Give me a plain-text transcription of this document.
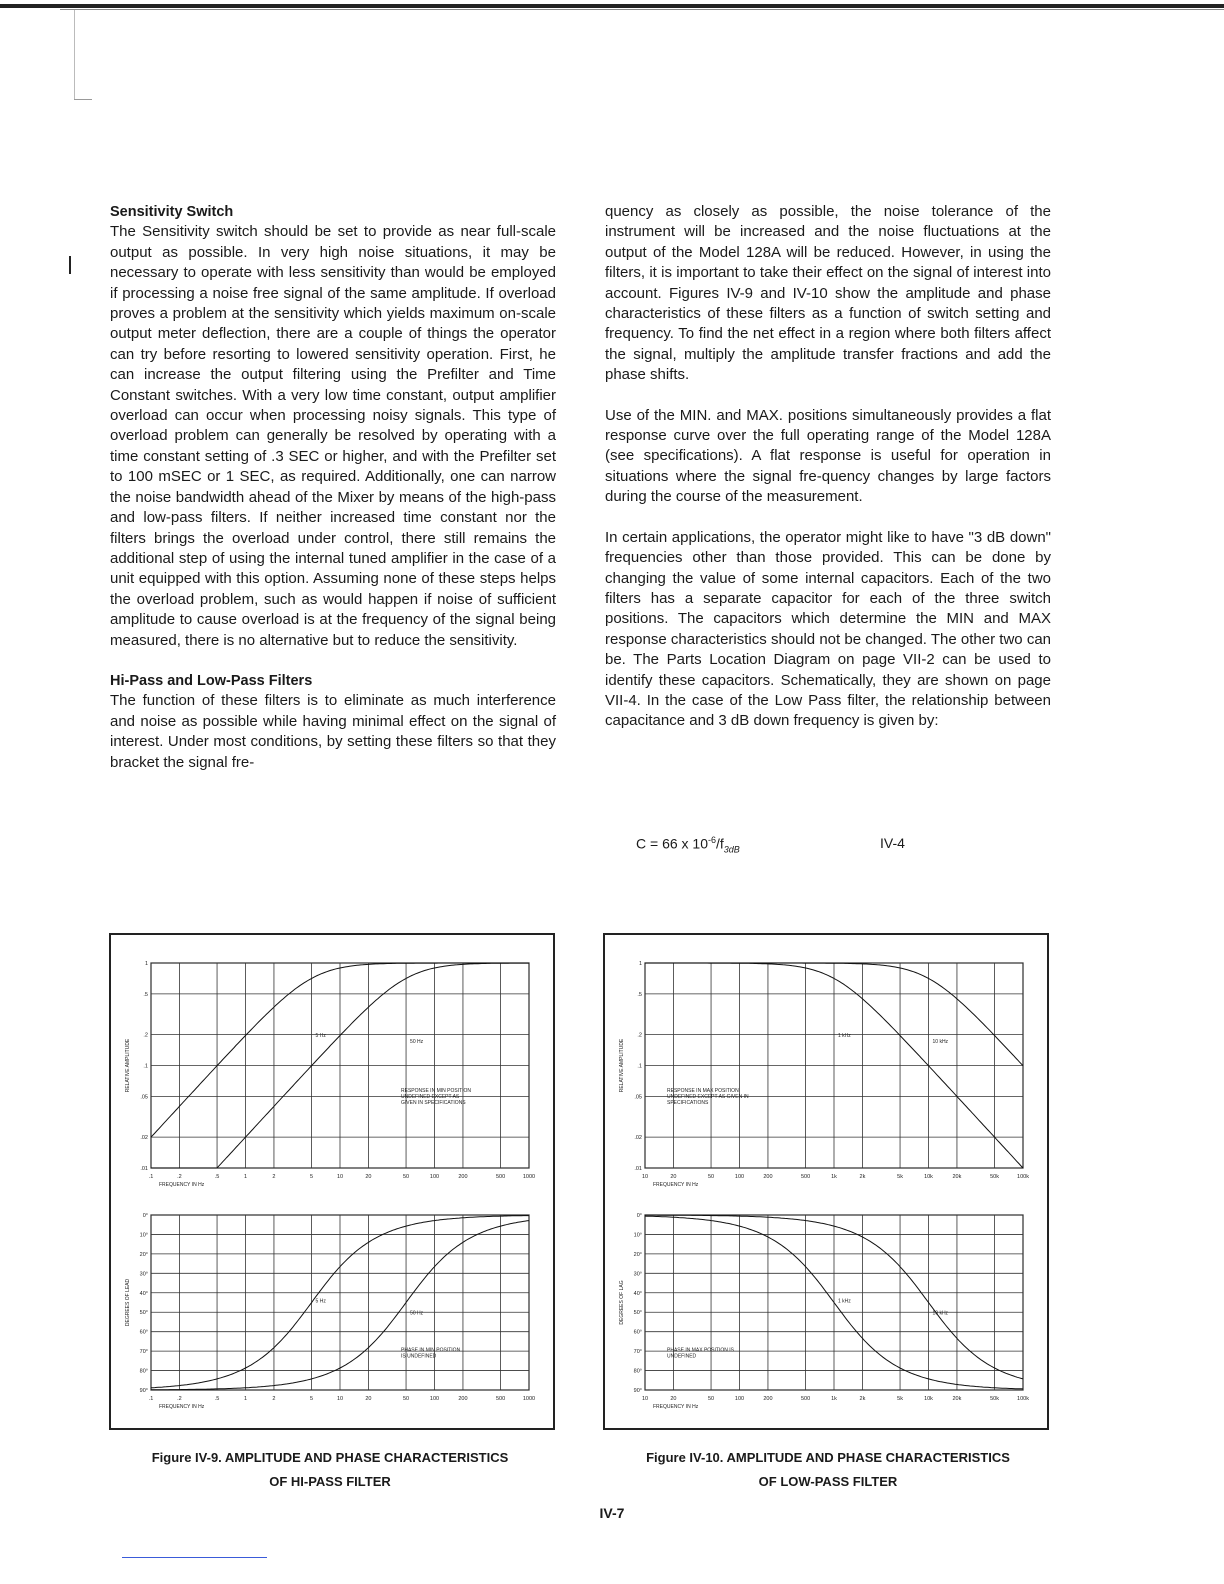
Sensitivity Switch

The Sensitivity switch should be set to provide as near full-scale output as possible. In very high noise situations, it may be necessary to operate with less sensitivity than would be employed if processing a noise free signal of the same amplitude. If overload proves a problem at the sensitivity which yields maximum on-scale output meter deflection, there are a couple of things the operator can try before resorting to lowered sensitivity operation. First, he can increase the output filtering using the Prefilter and Time Constant switches. With a very low time constant, output amplifier overload can occur when processing noisy signals. This type of overload problem can generally be resolved by operating with a time constant setting of .3 SEC or higher, and with the Prefilter set to 100 mSEC or 1 SEC, as required. Additionally, one can narrow the noise bandwidth ahead of the Mixer by means of the high-pass and low-pass filters. If neither increased time constant nor the filters brings the overload under control, there still remains the additional step of using the internal tuned amplifier in the case of a unit equipped with this option. Assuming none of these steps helps the overload problem, such as would happen if noise of sufficient amplitude to cause overload is at the frequency of the signal being measured, there is no alternative but to reduce the sensitivity.

Hi-Pass and Low-Pass Filters

The function of these filters is to eliminate as much interference and noise as possible while having minimal effect on the signal of interest. Under most conditions, by setting these filters so that they bracket the signal fre-

quency as closely as possible, the noise tolerance of the instrument will be increased and the noise fluctuations at the output of the Model 128A will be reduced. However, in using the filters, it is important to take their effect on the signal of interest into account. Figures IV-9 and IV-10 show the amplitude and phase characteristics of these filters as a function of switch setting and frequency. To find the net effect in a region where both filters affect the signal, multiply the amplitude transfer fractions and add the phase shifts.

Use of the MIN. and MAX. positions simultaneously provides a flat response curve over the full operating range of the Model 128A (see specifications). A flat response is useful for operation in situations where the signal fre-quency changes by large factors during the course of the measurement.

In certain applications, the operator might like to have "3 dB down" frequencies other than those provided. This can be done by changing the value of some internal capacitors. Each of the two filters has a separate capacitor for each of the three switch positions. The capacitors which determine the MIN and MAX response characteristics should not be changed. The other two can be. The Parts Location Diagram on page VII-2 can be used to identify these capacitors. Schematically, they are shown on page VII-4. In the case of the Low Pass filter, the relationship between capacitance and 3 dB down frequency is given by:

C = 66 x $10^{-6}/f_{3dB}$	IV-4
.1	.2	.5	1	2	5	10	20	50	100	200	500	1000
1
.5
.2
.1
.05
.02
.01
RELATIVE AMPLITUDE
FREQUENCY IN Hz
5 Hz
50 Hz
RESPONSE IN MIN POSITION
UNDEFINED EXCEPT AS
GIVEN IN SPECIFICATIONS
.1	.2	.5	1	2	5	10	20	50	100	200	500	1000
0°
10°
20°
30°
40°
50°
60°
70°
80°
90°
DEGREES OF LEAD
FREQUENCY IN Hz
5 Hz
50 Hz
PHASE IN MIN POSITION
IS UNDEFINED
10	20	50	100	200	500	1k	2k	5k	10k	20k	50k	100k
1
.5
.2
.1
.05
.02
.01
RELATIVE AMPLITUDE
FREQUENCY IN Hz
1 kHz
10 kHz
RESPONSE IN MAX POSITION
UNDEFINED EXCEPT AS GIVEN IN
SPECIFICATIONS
10	20	50	100	200	500	1k	2k	5k	10k	20k	50k	100k
0°
10°
20°
30°
40°
50°
60°
70°
80°
90°
DEGREES OF LAG
FREQUENCY IN Hz
1 kHz
10 kHz
PHASE IN MAX POSITION IS
UNDEFINED
Figure IV-9. AMPLITUDE AND PHASE CHARACTERISTICS
OF HI-PASS FILTER
Figure IV-10. AMPLITUDE AND PHASE CHARACTERISTICS
OF LOW-PASS FILTER
IV-7
